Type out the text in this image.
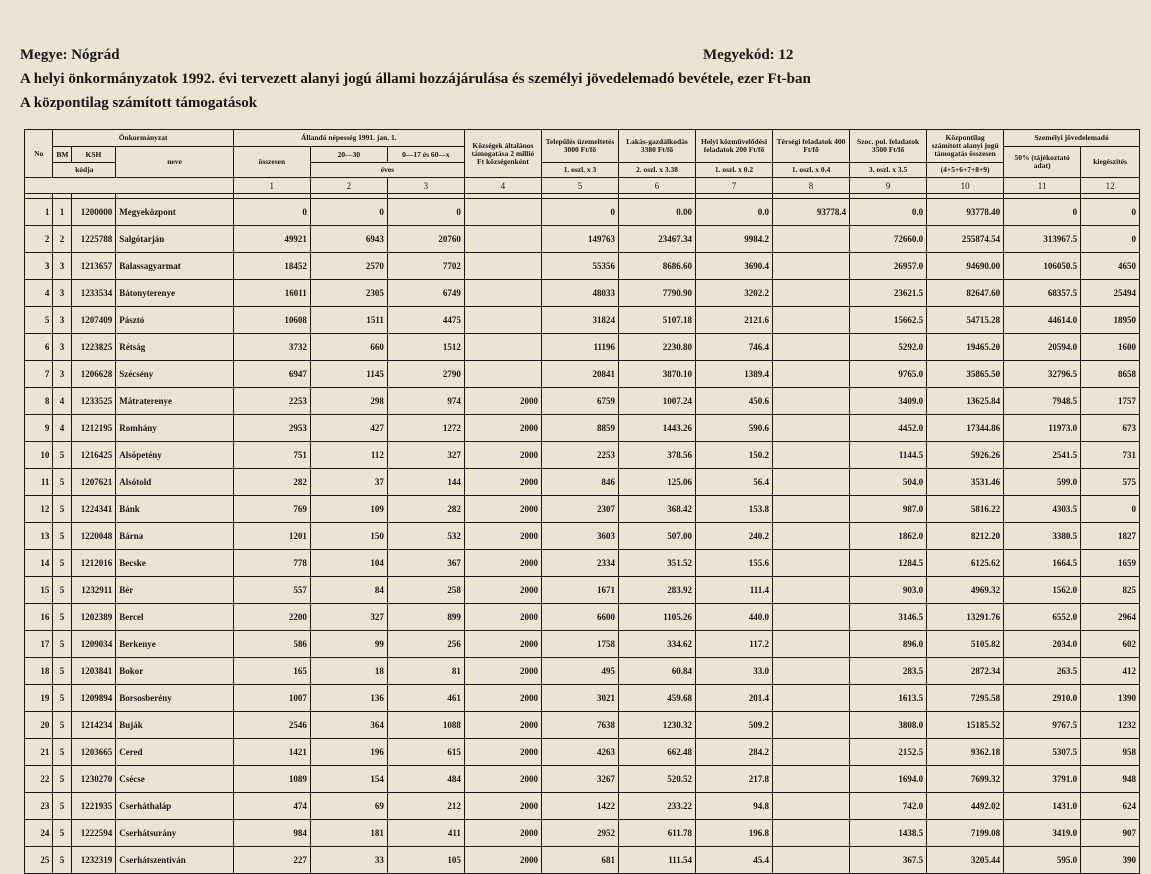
Megye: Nógrád	Megyekód: 12
A helyi önkormányzatok 1992. évi tervezett alanyi jogú állami hozzájárulása és személyi jövedelemadó bevétele, ezer Ft-ban
A központilag számított támogatások
No	Önkormányzat			Állandó népesség 1991. jan. 1.			Községek általános támogatása 2 millió Ft községenként	Település üzemeltetés 3000 Ft/fő	Lakás-gazdálkodás 3380 Ft/fő	Helyi közművelődési feladatok 200 Ft/fő	Térségi feladatok 400 Ft/fő	Szoc. pol. feladatok 3500 Ft/fő	Központilag számított alanyi jogú támogatás összesen	Személyi jövedelemadó	
	BM	KSH	neve	összesen	20—30	0—17 és 60—x								50% (tájékoztató adat)	kiegészítés
	kódja				éves			1. oszl. x 3	2. oszl. x 3.38	1. oszl. x 0.2	1. oszl. x 0.4	3. oszl. x 3.5	(4+5+6+7+8+9)		
				1	2	3	4	5	6	7	8	9	10	11	12

1	1	1200000	Megyeközpont	0	0	0		0	0.00	0.0	93778.4	0.0	93778.40	0	0
2	2	1225788	Salgótarján	49921	6943	20760		149763	23467.34	9984.2		72660.0	255874.54	313967.5	0
3	3	1213657	Balassagyarmat	18452	2570	7702		55356	8686.60	3690.4		26957.0	94690.00	106050.5	4650
4	3	1233534	Bátonyterenye	16011	2305	6749		48033	7790.90	3202.2		23621.5	82647.60	68357.5	25494
5	3	1207409	Pásztó	10608	1511	4475		31824	5107.18	2121.6		15662.5	54715.28	44614.0	18950
6	3	1223825	Rétság	3732	660	1512		11196	2230.80	746.4		5292.0	19465.20	20594.0	1600
7	3	1206628	Szécsény	6947	1145	2790		20841	3870.10	1389.4		9765.0	35865.50	32796.5	8658
8	4	1233525	Mátraterenye	2253	298	974	2000	6759	1007.24	450.6		3409.0	13625.84	7948.5	1757
9	4	1212195	Romhány	2953	427	1272	2000	8859	1443.26	590.6		4452.0	17344.86	11973.0	673
10	5	1216425	Alsópetény	751	112	327	2000	2253	378.56	150.2		1144.5	5926.26	2541.5	731
11	5	1207621	Alsótold	282	37	144	2000	846	125.06	56.4		504.0	3531.46	599.0	575
12	5	1224341	Bánk	769	109	282	2000	2307	368.42	153.8		987.0	5816.22	4303.5	0
13	5	1220048	Bárna	1201	150	532	2000	3603	507.00	240.2		1862.0	8212.20	3380.5	1827
14	5	1212016	Becske	778	104	367	2000	2334	351.52	155.6		1284.5	6125.62	1664.5	1659
15	5	1232911	Bér	557	84	258	2000	1671	283.92	111.4		903.0	4969.32	1562.0	825
16	5	1202389	Bercel	2200	327	899	2000	6600	1105.26	440.0		3146.5	13291.76	6552.0	2964
17	5	1209034	Berkenye	586	99	256	2000	1758	334.62	117.2		896.0	5105.82	2034.0	602
18	5	1203841	Bokor	165	18	81	2000	495	60.84	33.0		283.5	2872.34	263.5	412
19	5	1209894	Borsosberény	1007	136	461	2000	3021	459.68	201.4		1613.5	7295.58	2910.0	1390
20	5	1214234	Buják	2546	364	1088	2000	7638	1230.32	509.2		3808.0	15185.52	9767.5	1232
21	5	1203665	Cered	1421	196	615	2000	4263	662.48	284.2		2152.5	9362.18	5307.5	958
22	5	1230270	Csécse	1089	154	484	2000	3267	520.52	217.8		1694.0	7699.32	3791.0	948
23	5	1221935	Cserháthaláp	474	69	212	2000	1422	233.22	94.8		742.0	4492.02	1431.0	624
24	5	1222594	Cserhátsurány	984	181	411	2000	2952	611.78	196.8		1438.5	7199.08	3419.0	907
25	5	1232319	Cserhátszentiván	227	33	105	2000	681	111.54	45.4		367.5	3205.44	595.0	390
